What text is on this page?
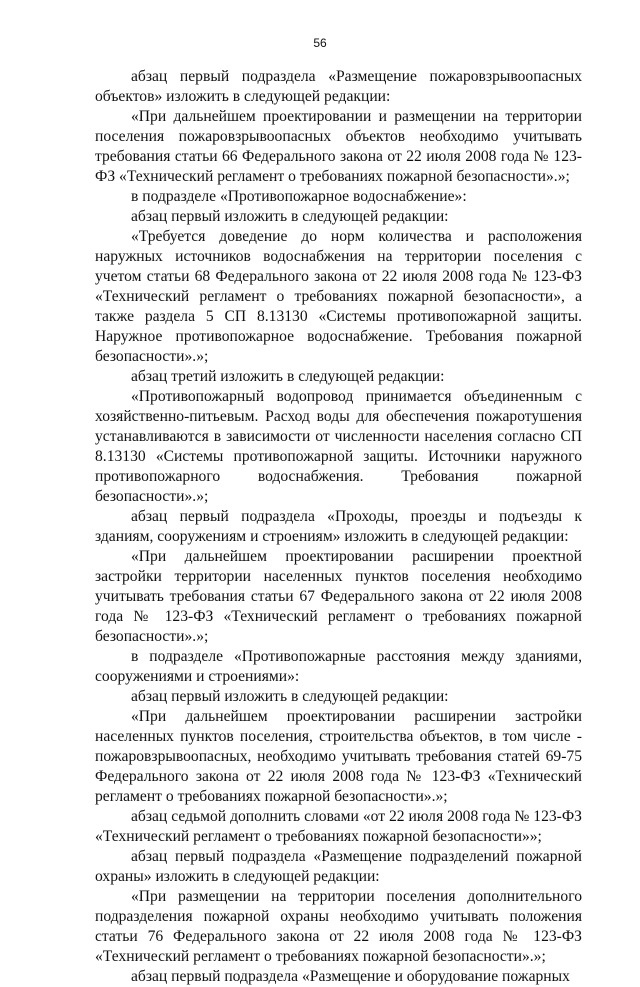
56

абзац первый подраздела «Размещение пожаровзрывоопасных объектов» изложить в следующей редакции:

«При дальнейшем проектировании и размещении на территории поселения пожаровзрывоопасных объектов необходимо учитывать требования статьи 66 Федерального закона от 22 июля 2008 года № 123-ФЗ «Технический регламент о требованиях пожарной безопасности».»;

в подразделе «Противопожарное водоснабжение»:

абзац первый изложить в следующей редакции:

«Требуется доведение до норм количества и расположения наружных источников водоснабжения на территории поселения с учетом статьи 68 Федерального закона от 22 июля 2008 года № 123-ФЗ «Технический регламент о требованиях пожарной безопасности», а также раздела 5 СП 8.13130 «Системы противопожарной защиты. Наружное противопожарное водоснабжение. Требования пожарной безопасности».»;

абзац третий изложить в следующей редакции:

«Противопожарный водопровод принимается объединенным с хозяйственно-питьевым. Расход воды для обеспечения пожаротушения устанавливаются в зависимости от численности населения согласно СП 8.13130 «Системы противопожарной защиты. Источники наружного противопожарного водоснабжения. Требования пожарной безопасности».»;

абзац первый подраздела «Проходы, проезды и подъезды к зданиям, сооружениям и строениям» изложить в следующей редакции:

«При дальнейшем проектировании расширении проектной застройки территории населенных пунктов поселения необходимо учитывать требования статьи 67 Федерального закона от 22 июля 2008 года № 123-ФЗ «Технический регламент о требованиях пожарной безопасности».»;

в подразделе «Противопожарные расстояния между зданиями, сооружениями и строениями»:

абзац первый изложить в следующей редакции:

«При дальнейшем проектировании расширении застройки населенных пунктов поселения, строительства объектов, в том числе - пожаровзрывоопасных, необходимо учитывать требования статей 69-75 Федерального закона от 22 июля 2008 года № 123-ФЗ «Технический регламент о требованиях пожарной безопасности».»;

абзац седьмой дополнить словами «от 22 июля 2008 года № 123-ФЗ «Технический регламент о требованиях пожарной безопасности»»;

абзац первый подраздела «Размещение подразделений пожарной охраны» изложить в следующей редакции:

«При размещении на территории поселения дополнительного подразделения пожарной охраны необходимо учитывать положения статьи 76 Федерального закона от 22 июля 2008 года № 123-ФЗ «Технический регламент о требованиях пожарной безопасности».»;

абзац первый подраздела «Размещение и оборудование пожарных
